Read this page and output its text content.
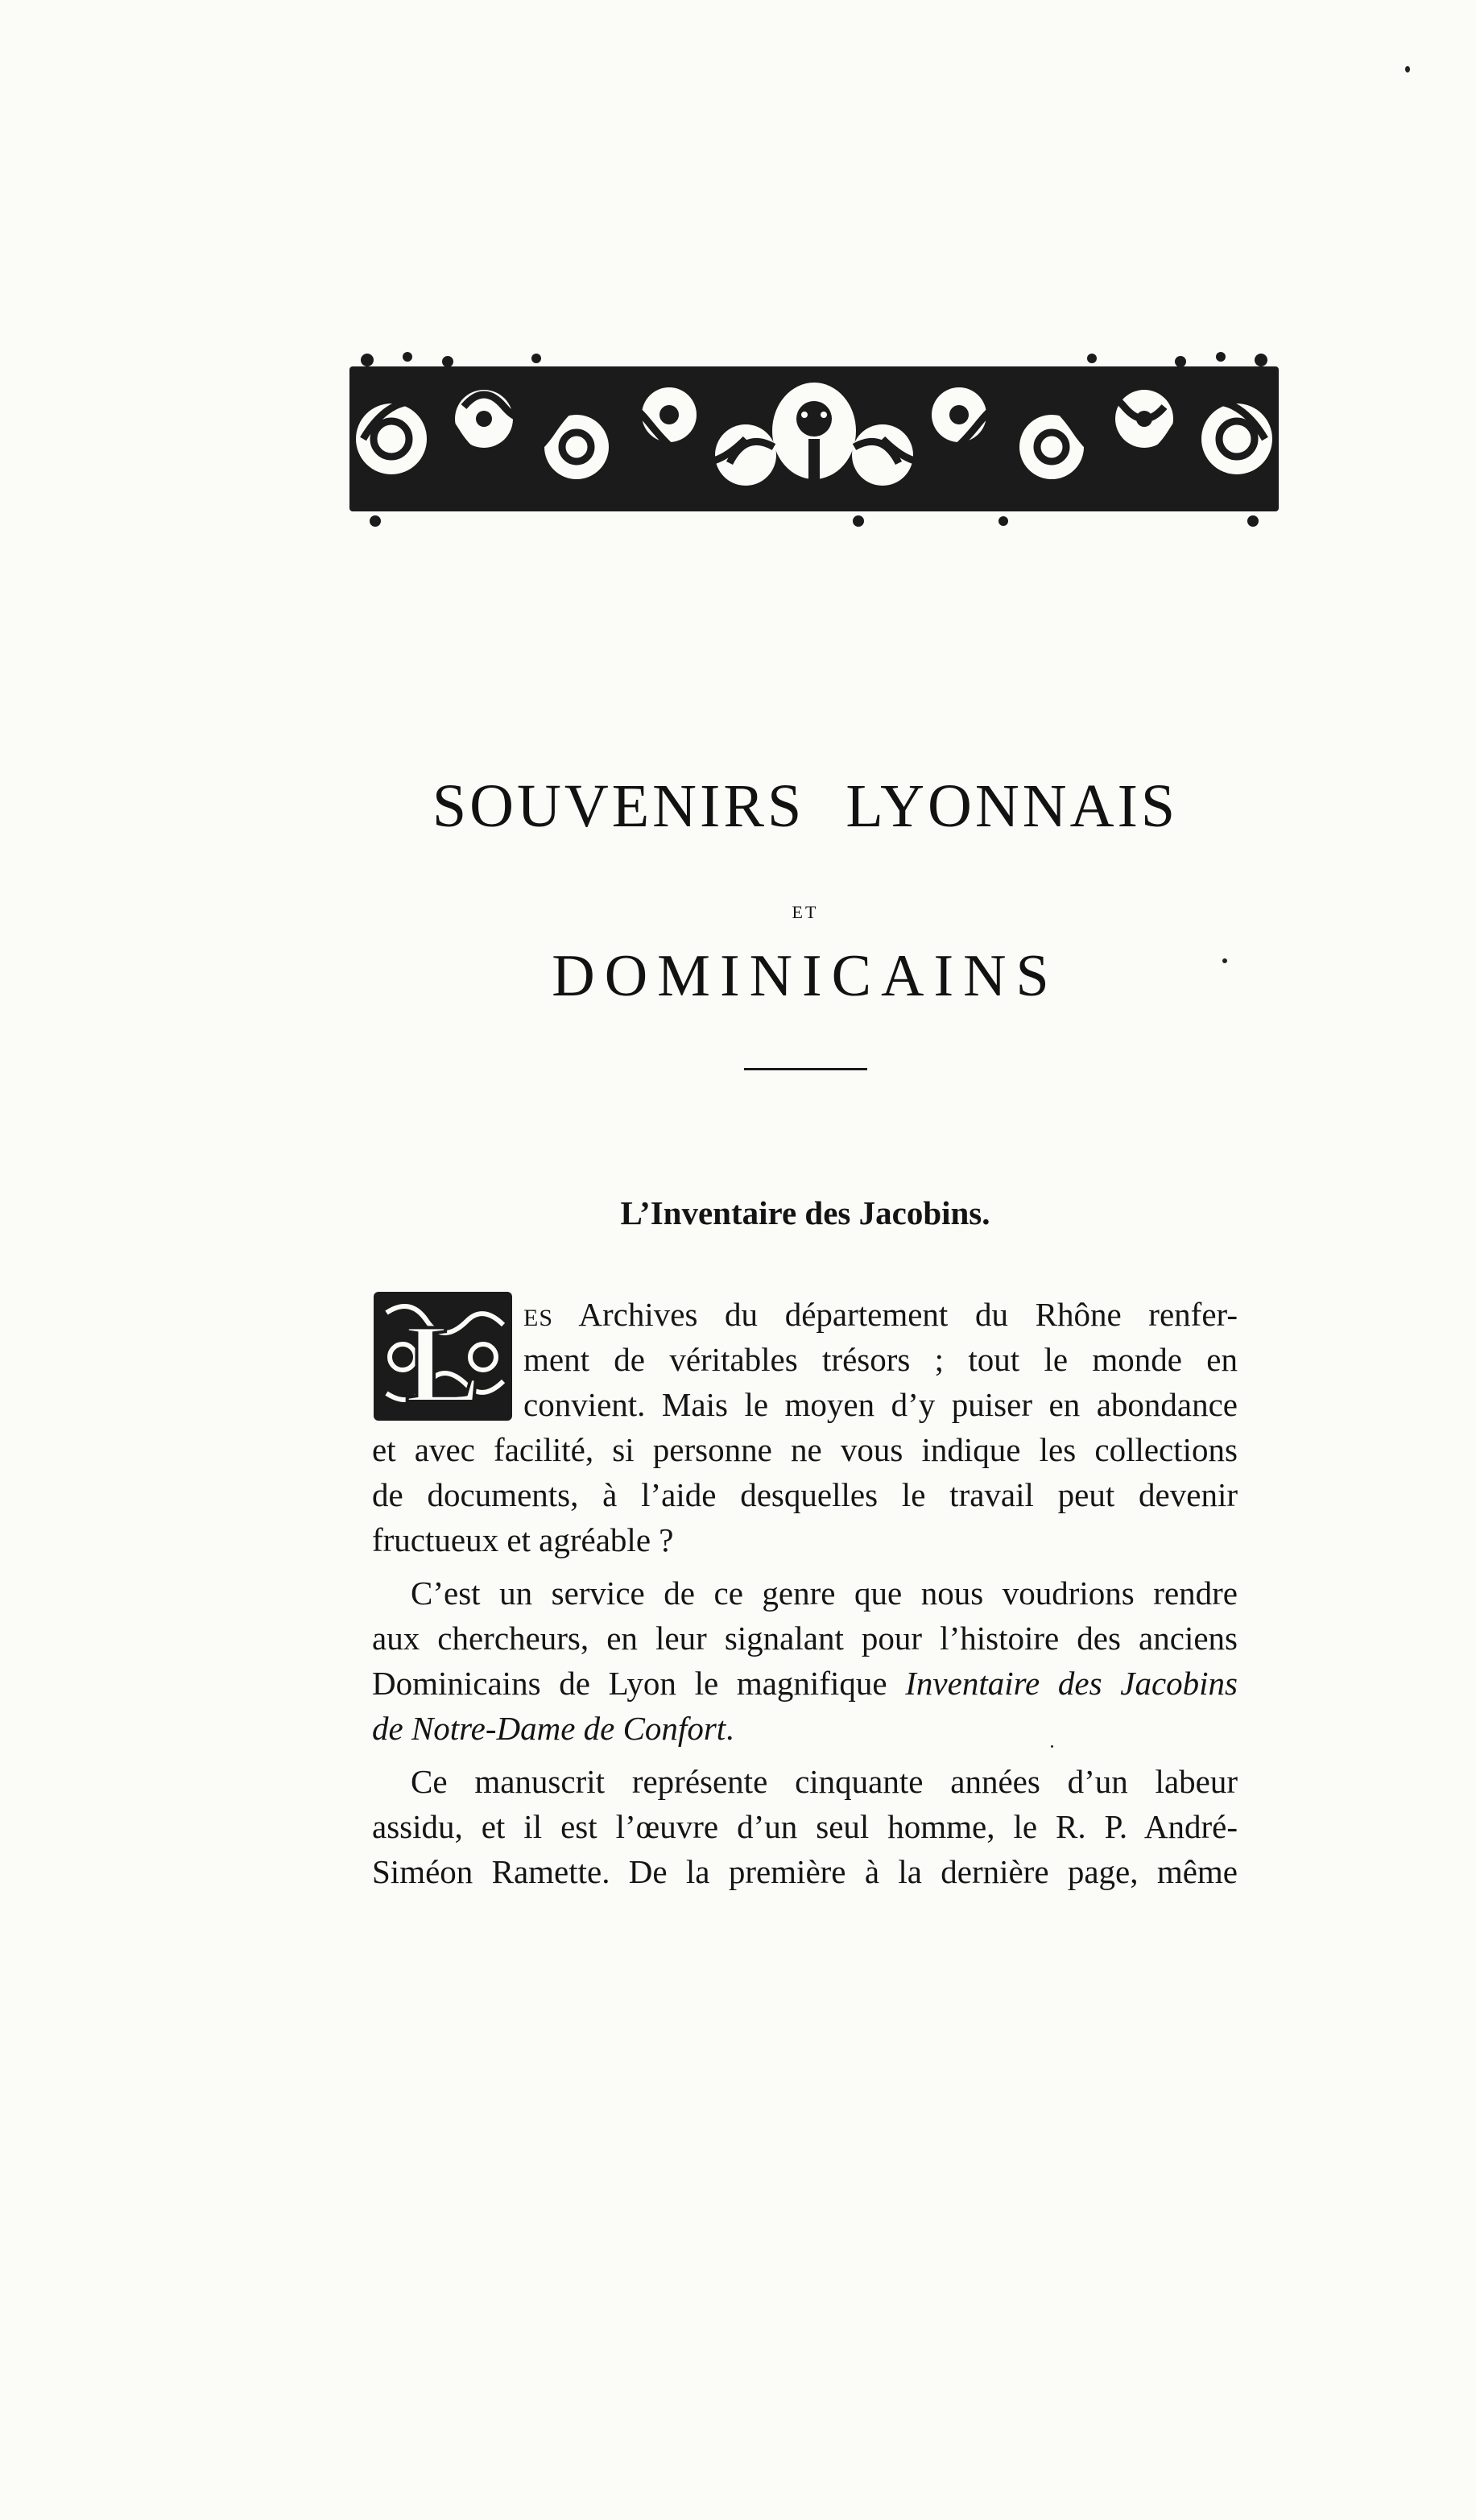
SOUVENIRS LYONNAIS
ET
DOMINICAINS
L’Inventaire des Jacobins.
L ES Archives du département du Rhône renfer-
ment de véritables trésors ; tout le monde en
convient. Mais le moyen d’y puiser en abondance
et avec facilité, si personne ne vous indique les collections
de documents, à l’aide desquelles le travail peut devenir
fructueux et agréable ?
C’est un service de ce genre que nous voudrions rendre
aux chercheurs, en leur signalant pour l’histoire des anciens
Dominicains de Lyon le magnifique Inventaire des Jacobins
de Notre-Dame de Confort.
Ce manuscrit représente cinquante années d’un labeur
assidu, et il est l’œuvre d’un seul homme, le R. P. André-
Siméon Ramette. De la première à la dernière page, même
